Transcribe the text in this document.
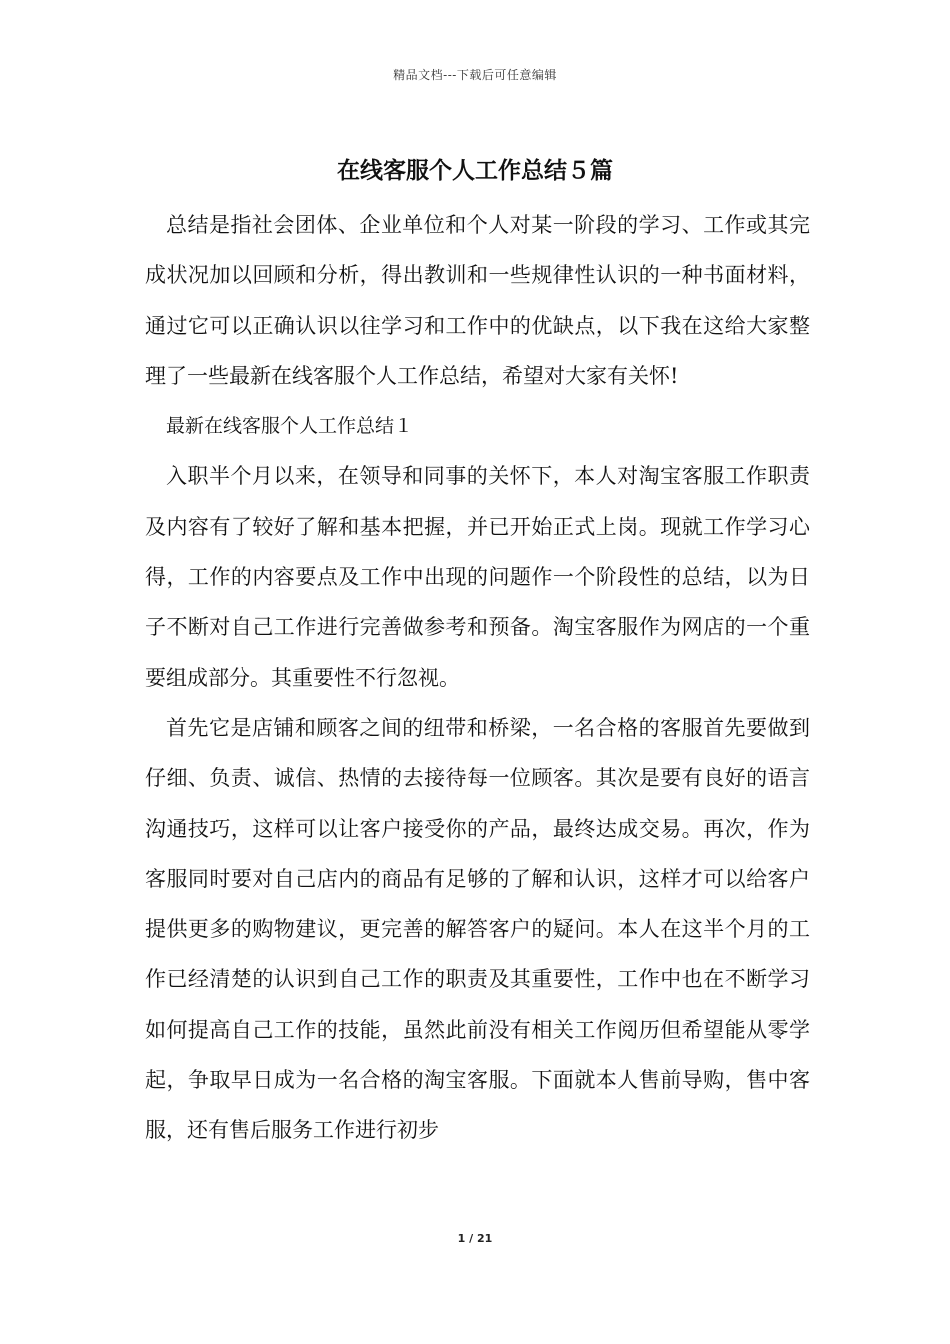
精品文档---下载后可任意编辑
在线客服个人工作总结５篇

总结是指社会团体、企业单位和个人对某一阶段的学习、工作或其完成状况加以回顾和分析，得出教训和一些规律性认识的一种书面材料，通过它可以正确认识以往学习和工作中的优缺点，以下我在这给大家整理了一些最新在线客服个人工作总结，希望对大家有关怀!

最新在线客服个人工作总结１

入职半个月以来，在领导和同事的关怀下，本人对淘宝客服工作职责及内容有了较好了解和基本把握，并已开始正式上岗。现就工作学习心得，工作的内容要点及工作中出现的问题作一个阶段性的总结，以为日子不断对自己工作进行完善做参考和预备。淘宝客服作为网店的一个重要组成部分。其重要性不行忽视。

首先它是店铺和顾客之间的纽带和桥梁，一名合格的客服首先要做到仔细、负责、诚信、热情的去接待每一位顾客。其次是要有良好的语言沟通技巧，这样可以让客户接受你的产品，最终达成交易。再次，作为客服同时要对自己店内的商品有足够的了解和认识，这样才可以给客户提供更多的购物建议，更完善的解答客户的疑问。本人在这半个月的工作已经清楚的认识到自己工作的职责及其重要性，工作中也在不断学习如何提高自己工作的技能，虽然此前没有相关工作阅历但希望能从零学起，争取早日成为一名合格的淘宝客服。下面就本人售前导购，售中客服，还有售后服务工作进行初步

1 / 21
